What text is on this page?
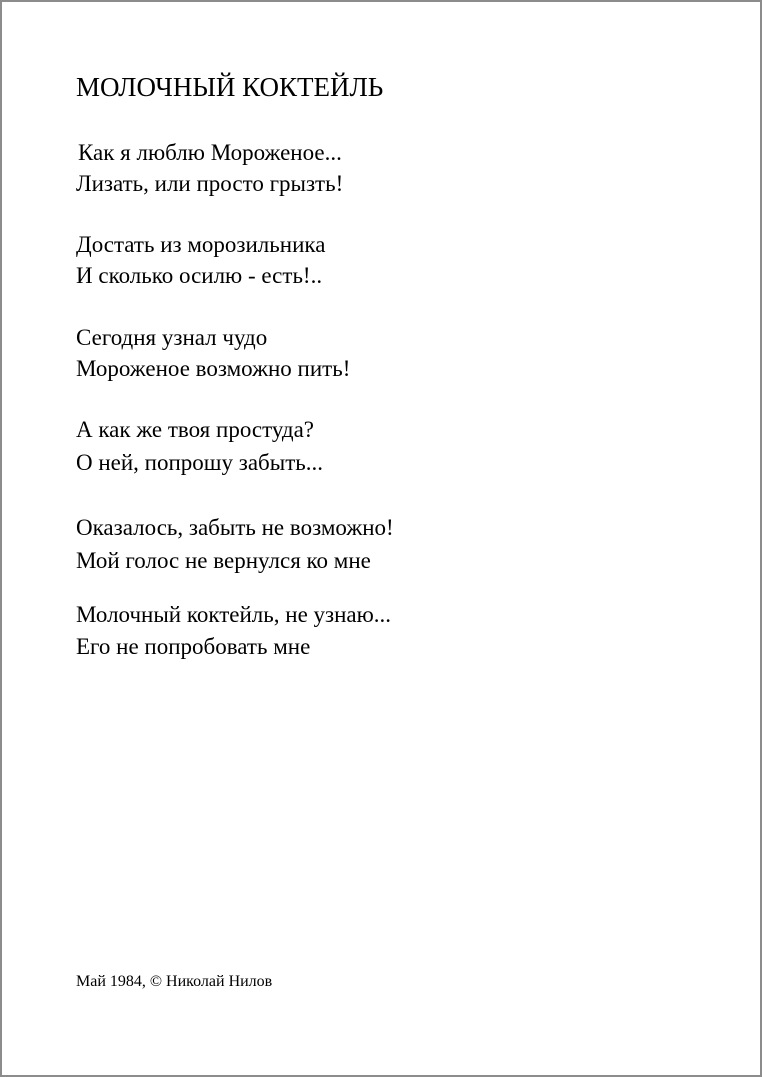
МОЛОЧНЫЙ КОКТЕЙЛЬ
Как я люблю Мороженое...
Лизать, или просто грызть!
Достать из морозильника
И сколько осилю - есть!..
Сегодня узнал чудо
Мороженое возможно пить!
А как же твоя простуда?
О ней, попрошу забыть...
Оказалось, забыть не возможно!
Мой голос не вернулся ко мне
Молочный коктейль, не узнаю...
Его не попробовать мне
Май 1984, © Николай Нилов
